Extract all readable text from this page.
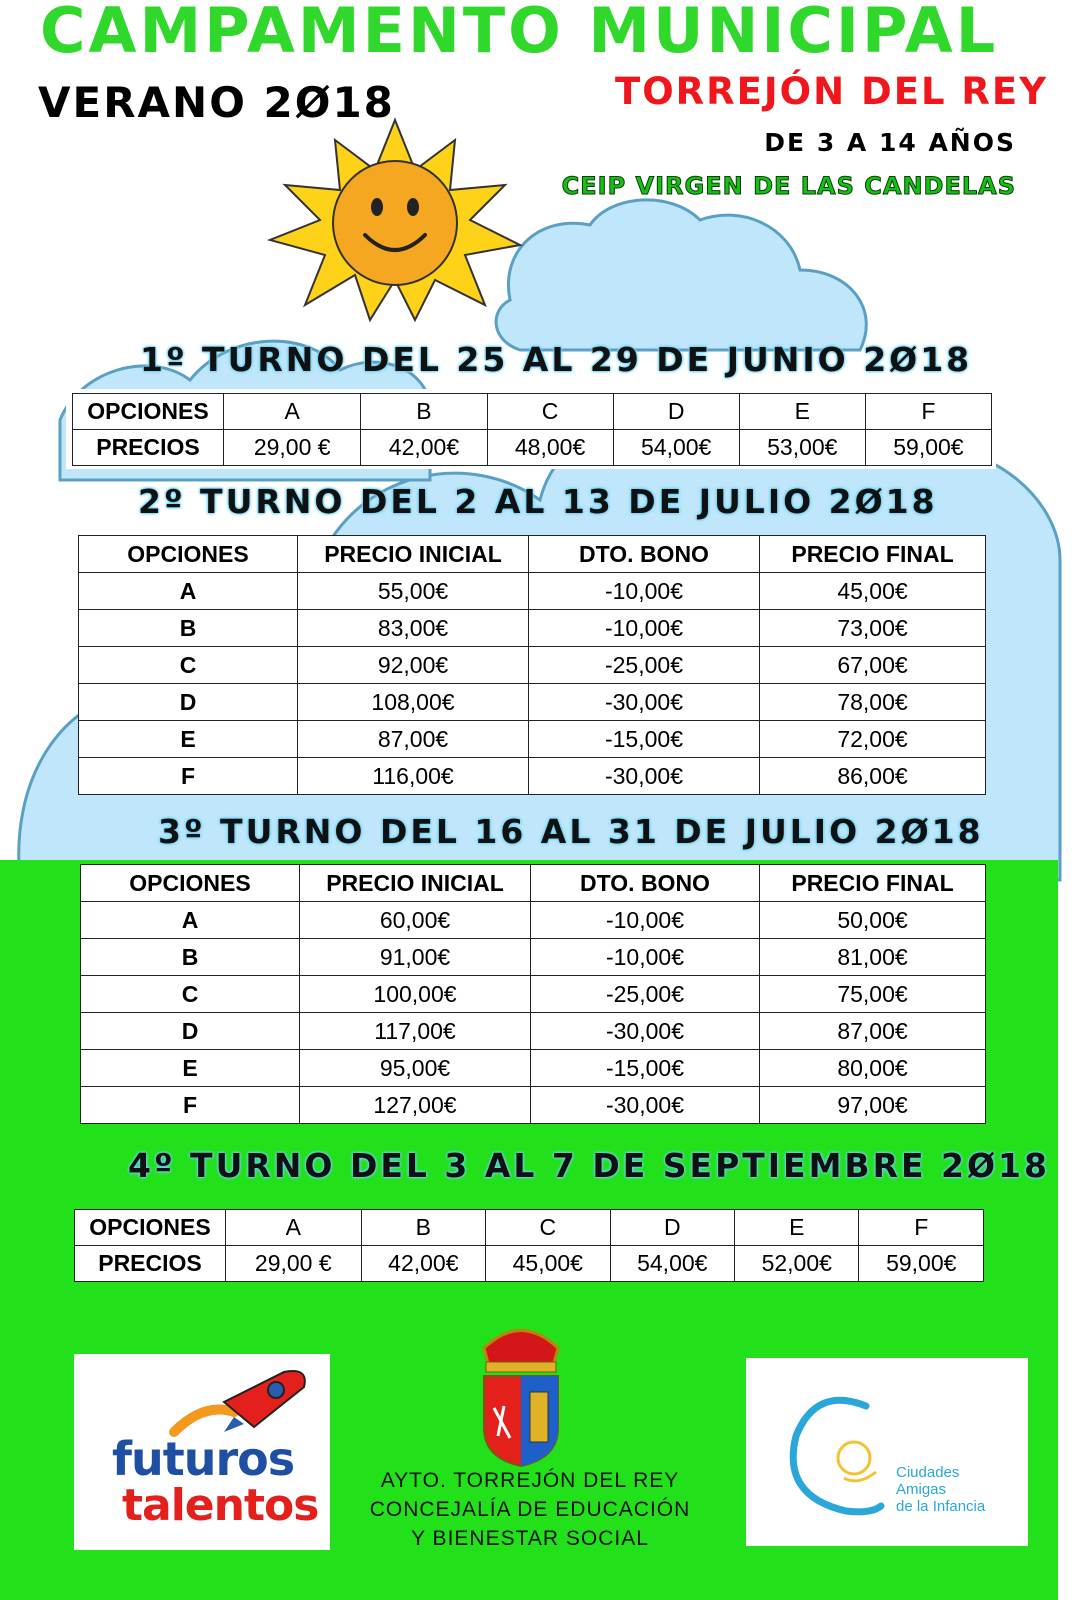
CAMPAMENTO MUNICIPAL
VERANO 2Ø18	TORREJÓN DEL REY
DE 3 A 14 AÑOS
CEIP VIRGEN DE LAS CANDELAS
1º TURNO DEL 25 AL 29 DE JUNIO 2Ø18
OPCIONES	A	B	C	D	E	F
PRECIOS	29,00 €	42,00€	48,00€	54,00€	53,00€	59,00€
2º TURNO DEL 2 AL 13 DE JULIO 2Ø18
OPCIONES	PRECIO INICIAL	DTO. BONO	PRECIO FINAL
A	55,00€	-10,00€	45,00€
B	83,00€	-10,00€	73,00€
C	92,00€	-25,00€	67,00€
D	108,00€	-30,00€	78,00€
E	87,00€	-15,00€	72,00€
F	116,00€	-30,00€	86,00€
3º TURNO DEL 16 AL 31 DE JULIO 2Ø18
OPCIONES	PRECIO INICIAL	DTO. BONO	PRECIO FINAL
A	60,00€	-10,00€	50,00€
B	91,00€	-10,00€	81,00€
C	100,00€	-25,00€	75,00€
D	117,00€	-30,00€	87,00€
E	95,00€	-15,00€	80,00€
F	127,00€	-30,00€	97,00€
4º TURNO DEL 3 AL 7 DE SEPTIEMBRE 2Ø18
OPCIONES	A	B	C	D	E	F
PRECIOS	29,00 €	42,00€	45,00€	54,00€	52,00€	59,00€
futuros
talentos
Ciudades
Amigas
de la Infancia
AYTO. TORREJÓN DEL REY
CONCEJALÍA DE EDUCACIÓN
Y BIENESTAR SOCIAL
